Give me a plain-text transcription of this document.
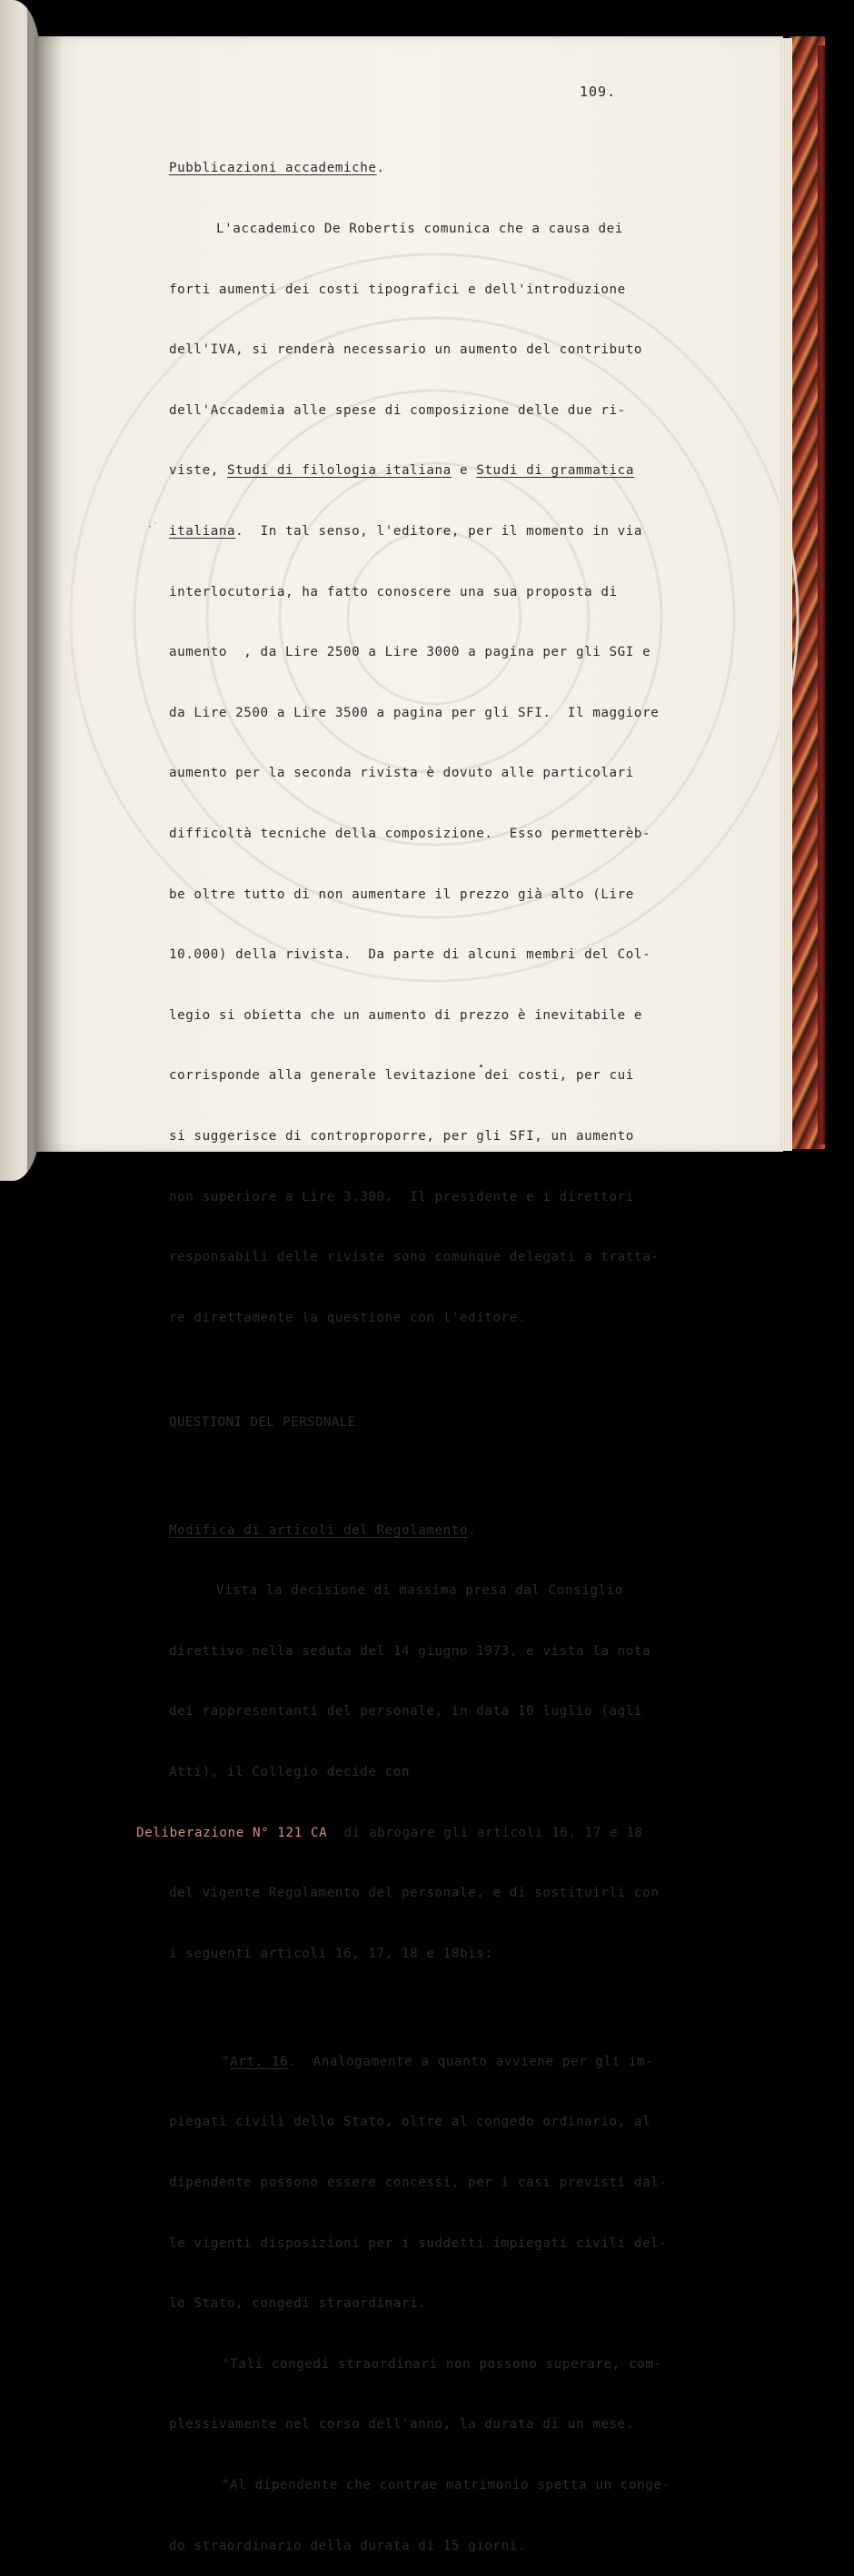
109.

Pubblicazioni accademiche.

L'accademico De Robertis comunica che a causa dei

forti aumenti dei costi tipografici e dell'introduzione

dell'IVA, si renderà necessario un aumento del contributo

dell'Accademia alle spese di composizione delle due ri-

viste, Studi di filologia italiana e Studi di grammatica

italiana.  In tal senso, l'editore, per il momento in via

interlocutoria, ha fatto conoscere una sua proposta di

aumento  , da Lire 2500 a Lire 3000 a pagina per gli SGI e

da Lire 2500 a Lire 3500 a pagina per gli SFI.  Il maggiore

aumento per la seconda rivista è dovuto alle particolari

difficoltà tecniche della composizione.  Esso permetterèb-

be oltre tutto di non aumentare il prezzo già alto (Lire

10.000) della rivista.  Da parte di alcuni membri del Col-

legio si obietta che un aumento di prezzo è inevitabile e

corrisponde alla generale levitazione dei costi, per cui

si suggerisce di controproporre, per gli SFI, un aumento

non superiore a Lire 3.300.  Il presidente e i direttori

responsabili delle riviste sono comunque delegati a tratta-

re direttamente la questione con l'editore.

QUESTIONI DEL PERSONALE

Modifica di articoli del Regolamento.

Vista la decisione di massima presa dal Consiglio

direttivo nella seduta del 14 giugno 1973, e vista la nota

dei rappresentanti del personale, in data 10 luglio (agli

Atti), il Collegio decide con

Deliberazione N° 121 CA  di abrogare gli articoli 16, 17 e 18

del vigente Regolamento del personale, e di sostituirli con

i seguenti articoli 16, 17, 18 e 18bis:

"Art. 16.  Analogamente a quanto avviene per gli im-

piegati civili dello Stato, oltre al congedo ordinario, al

dipendente possono essere concessi, per i casi previsti dal-

le vigenti disposizioni per i suddetti impiegati civili del-

lo Stato, congedi straordinari.

"Tali congedi straordinari non possono superare, com-

plessivamente nel corso dell'anno, la durata di un mese.

"Al dipendente che contrae matrimonio spetta un conge-

do straordinario della durata di 15 giorni.

·˙
